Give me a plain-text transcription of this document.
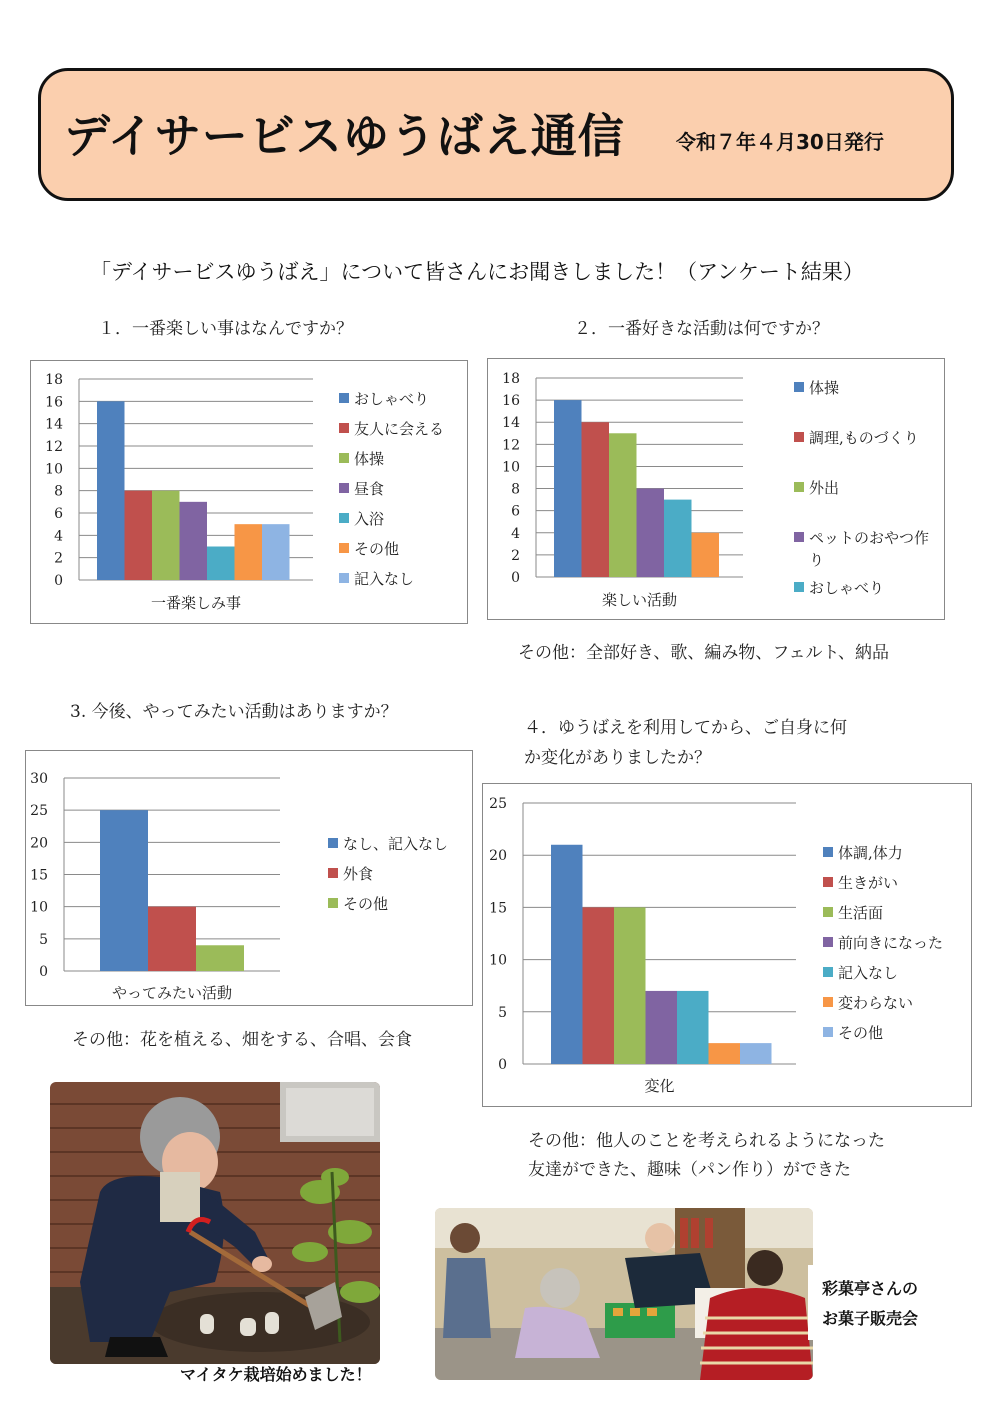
デイサービスゆうばえ通信	令和７年４月30日発行
「デイサービスゆうばえ」について皆さんにお聞きしました！（アンケート結果）
１．一番楽しい事はなんですか？	２．一番好きな活動は何ですか？
3. 今後、やってみたい活動はありますか？
４．ゆうばえを利用してから、ご自身に何
か変化がありましたか？
0
2
4
6
8
10
12
14
16
18
一番楽しみ事
おしゃべり
友人に会える
体操
昼食
入浴
その他
記入なし	0
2
4
6
8
10
12
14
16
18
楽しい活動
体操
調理,ものづくり
外出
ペットのおやつ作り
おしゃべり
0
5
10
15
20
25
30
やってみたい活動
なし、記入なし
外食
その他
0
5
10
15
20
25
変化
体調,体力
生きがい
生活面
前向きになった
記入なし
変わらない
その他
その他：全部好き、歌、編み物、フェルト、納品
その他：花を植える、畑をする、合唱、会食
その他：他人のことを考えられるようになった
友達ができた、趣味（パン作り）ができた
マイタケ栽培始めました！
彩菓亭さんの
お菓子販売会
